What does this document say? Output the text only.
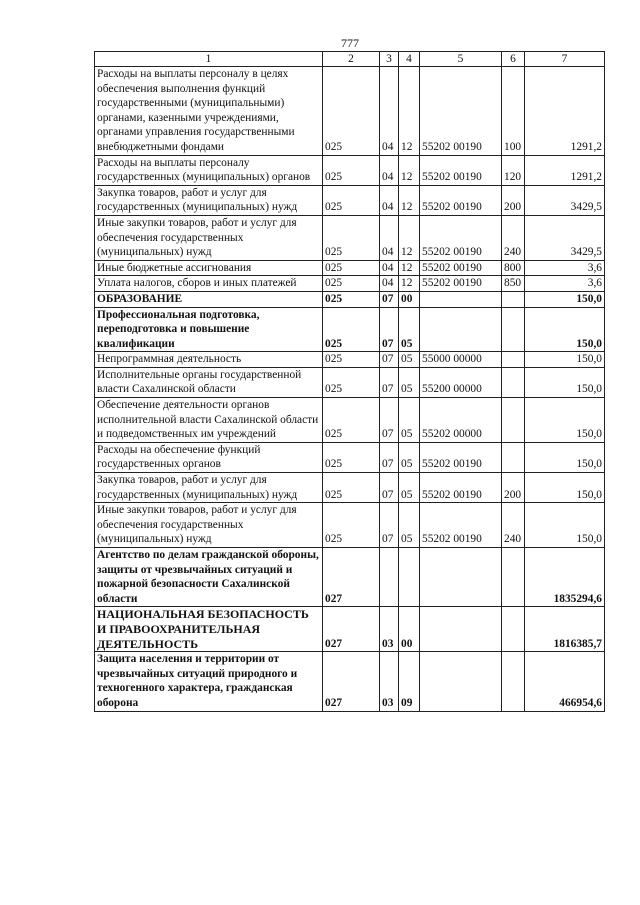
777
1	2	3	4	5	6	7
Расходы на выплаты персоналу в целях обеспечения выполнения функций государственными (муниципальными) органами, казенными учреждениями, органами управления государственными внебюджетными фондами	025	04	12	55202 00190	100	1291,2
Расходы на выплаты персоналу государственных (муниципальных) органов	025	04	12	55202 00190	120	1291,2
Закупка товаров, работ и услуг для государственных (муниципальных) нужд	025	04	12	55202 00190	200	3429,5
Иные закупки товаров, работ и услуг для обеспечения государственных (муниципальных) нужд	025	04	12	55202 00190	240	3429,5
Иные бюджетные ассигнования	025	04	12	55202 00190	800	3,6
Уплата налогов, сборов и иных платежей	025	04	12	55202 00190	850	3,6
ОБРАЗОВАНИЕ	025	07	00			150,0
Профессиональная подготовка, переподготовка и повышение квалификации	025	07	05			150,0
Непрограммная деятельность	025	07	05	55000 00000		150,0
Исполнительные органы государственной власти Сахалинской области	025	07	05	55200 00000		150,0
Обеспечение деятельности органов исполнительной власти Сахалинской области и подведомственных им учреждений	025	07	05	55202 00000		150,0
Расходы на обеспечение функций государственных органов	025	07	05	55202 00190		150,0
Закупка товаров, работ и услуг для государственных (муниципальных) нужд	025	07	05	55202 00190	200	150,0
Иные закупки товаров, работ и услуг для обеспечения государственных (муниципальных) нужд	025	07	05	55202 00190	240	150,0
Агентство по делам гражданской обороны, защиты от чрезвычайных ситуаций и пожарной безопасности Сахалинской области	027					1835294,6
НАЦИОНАЛЬНАЯ БЕЗОПАСНОСТЬ И ПРАВООХРАНИТЕЛЬНАЯ ДЕЯТЕЛЬНОСТЬ	027	03	00			1816385,7
Защита населения и территории от чрезвычайных ситуаций природного и техногенного характера, гражданская оборона	027	03	09			466954,6
